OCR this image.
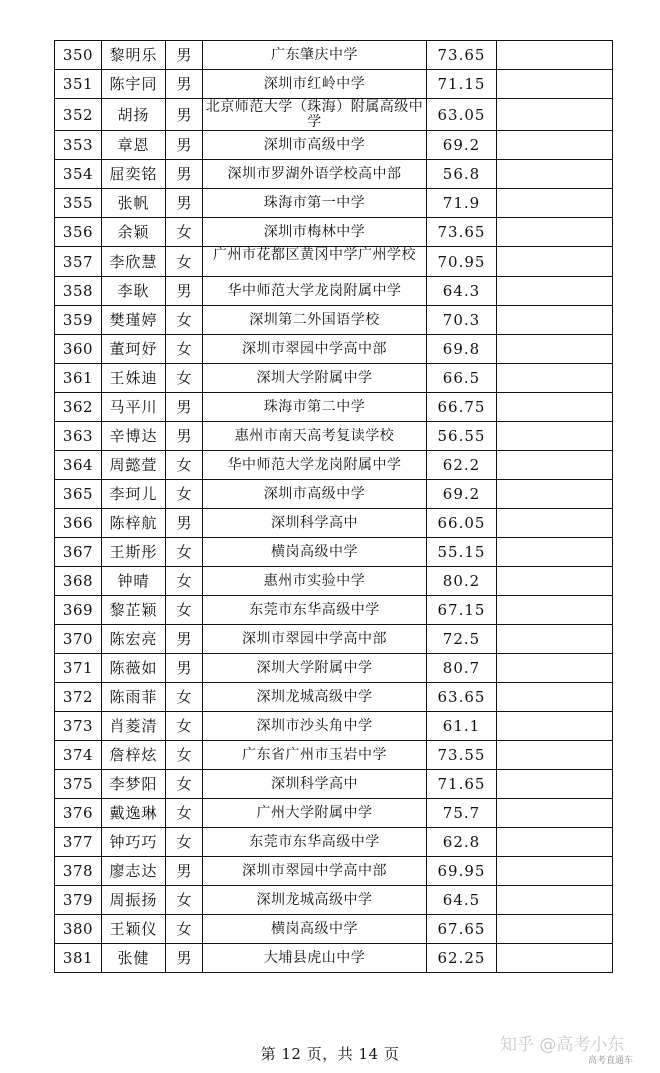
350	黎明乐	男	广东肇庆中学	73.65	
351	陈宇同	男	深圳市红岭中学	71.15	
352	胡扬	男	北京师范大学（珠海）附属高级中学	63.05	
353	章恩	男	深圳市高级中学	69.2	
354	屈奕铭	男	深圳市罗湖外语学校高中部	56.8	
355	张帆	男	珠海市第一中学	71.9	
356	余颖	女	深圳市梅林中学	73.65	
357	李欣慧	女	广州市花都区黄冈中学广州学校	70.95	
358	李耿	男	华中师范大学龙岗附属中学	64.3	
359	樊瑾婷	女	深圳第二外国语学校	70.3	
360	董珂妤	女	深圳市翠园中学高中部	69.8	
361	王姝迪	女	深圳大学附属中学	66.5	
362	马平川	男	珠海市第二中学	66.75	
363	辛博达	男	惠州市南天高考复读学校	56.55	
364	周懿萱	女	华中师范大学龙岗附属中学	62.2	
365	李珂儿	女	深圳市高级中学	69.2	
366	陈梓航	男	深圳科学高中	66.05	
367	王斯彤	女	横岗高级中学	55.15	
368	钟晴	女	惠州市实验中学	80.2	
369	黎芷颖	女	东莞市东华高级中学	67.15	
370	陈宏亮	男	深圳市翠园中学高中部	72.5	
371	陈薇如	男	深圳大学附属中学	80.7	
372	陈雨菲	女	深圳龙城高级中学	63.65	
373	肖菱清	女	深圳市沙头角中学	61.1	
374	詹梓炫	女	广东省广州市玉岩中学	73.55	
375	李梦阳	女	深圳科学高中	71.65	
376	戴逸琳	女	广州大学附属中学	75.7	
377	钟巧巧	女	东莞市东华高级中学	62.8	
378	廖志达	男	深圳市翠园中学高中部	69.95	
379	周振扬	女	深圳龙城高级中学	64.5	
380	王颖仪	女	横岗高级中学	67.65	
381	张健	男	大埔县虎山中学	62.25	
第 12 页，共 14 页	知乎 @高考小东
高考直通车
